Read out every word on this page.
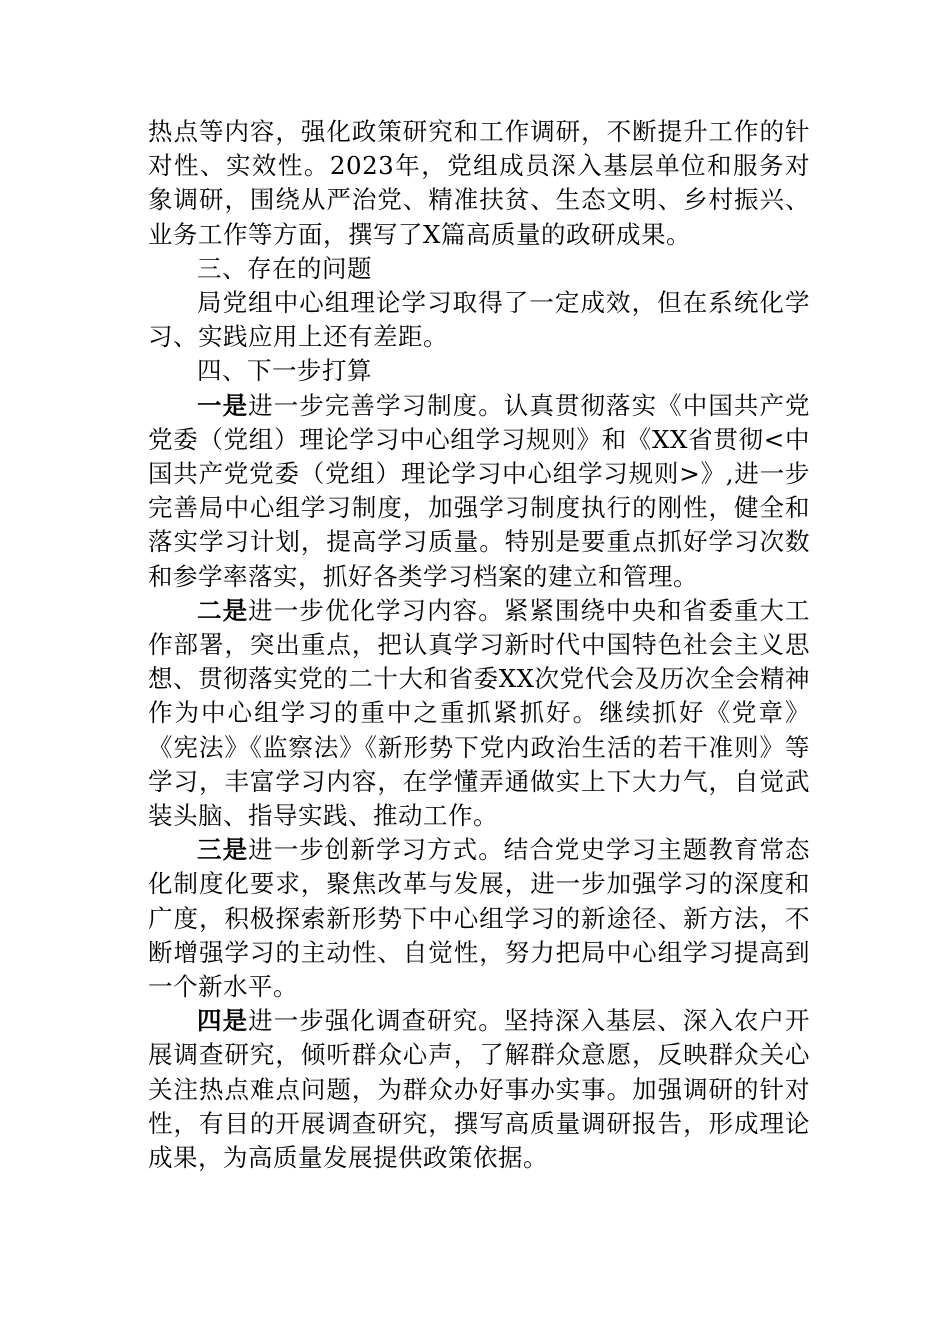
热点等内容，强化政策研究和工作调研，不断提升工作的针对性、实效性。2023年，党组成员深入基层单位和服务对象调研，围绕从严治党、精准扶贫、生态文明、乡村振兴、业务工作等方面，撰写了X篇高质量的政研成果。

三、存在的问题

局党组中心组理论学习取得了一定成效，但在系统化学习、实践应用上还有差距。

四、下一步打算

一是进一步完善学习制度。认真贯彻落实《中国共产党党委（党组）理论学习中心组学习规则》和《XX省贯彻<中国共产党党委（党组）理论学习中心组学习规则>》,进一步完善局中心组学习制度，加强学习制度执行的刚性，健全和落实学习计划，提高学习质量。特别是要重点抓好学习次数和参学率落实，抓好各类学习档案的建立和管理。

二是进一步优化学习内容。紧紧围绕中央和省委重大工作部署，突出重点，把认真学习新时代中国特色社会主义思想、贯彻落实党的二十大和省委XX次党代会及历次全会精神作为中心组学习的重中之重抓紧抓好。继续抓好《党章》《宪法》《监察法》《新形势下党内政治生活的若干准则》等学习，丰富学习内容，在学懂弄通做实上下大力气，自觉武装头脑、指导实践、推动工作。

三是进一步创新学习方式。结合党史学习主题教育常态化制度化要求，聚焦改革与发展，进一步加强学习的深度和广度，积极探索新形势下中心组学习的新途径、新方法，不断增强学习的主动性、自觉性，努力把局中心组学习提高到一个新水平。

四是进一步强化调查研究。坚持深入基层、深入农户开展调查研究，倾听群众心声，了解群众意愿，反映群众关心关注热点难点问题，为群众办好事办实事。加强调研的针对性，有目的开展调查研究，撰写高质量调研报告，形成理论成果，为高质量发展提供政策依据。
